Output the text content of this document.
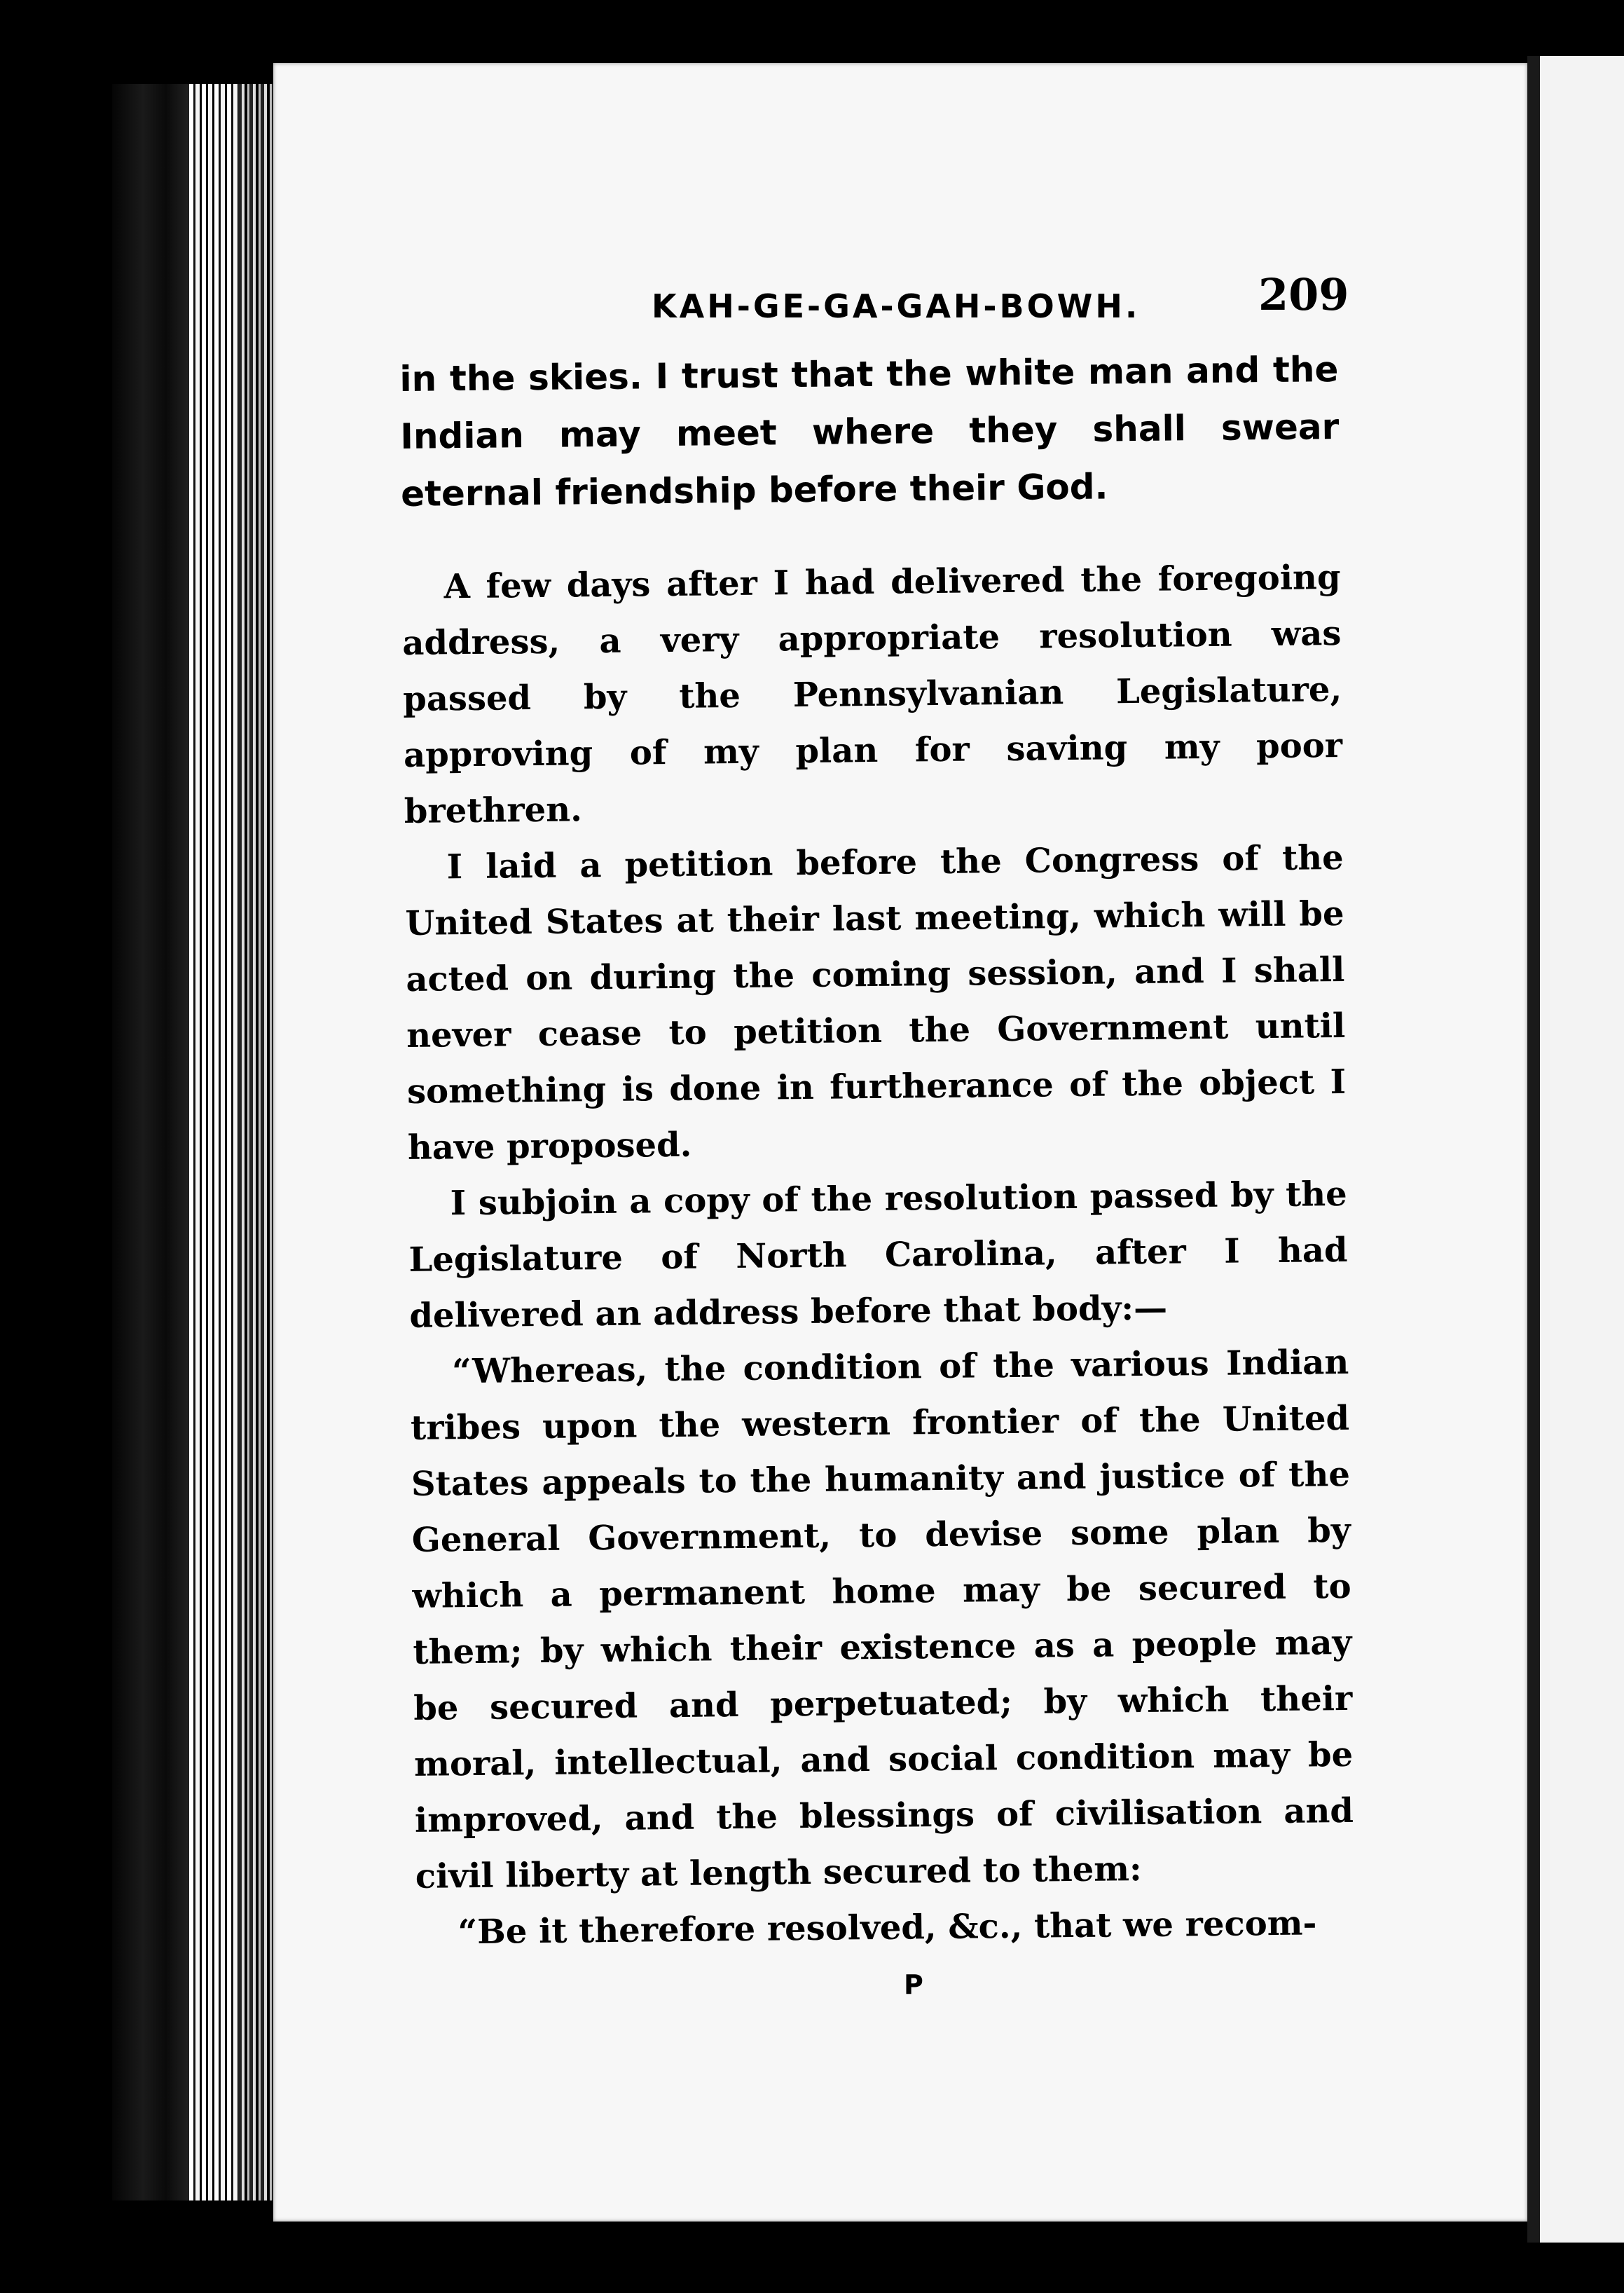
KAH-GE-GA-GAH-BOWH.	209

in the skies. I trust that the white man and the Indian may meet where they shall swear eternal friendship before their God.

A few days after I had delivered the foregoing address, a very appropriate resolution was passed by the Pennsylvanian Legislature, approving of my plan for saving my poor brethren.

I laid a petition before the Congress of the United States at their last meeting, which will be acted on during the coming session, and I shall never cease to petition the Government until something is done in furtherance of the object I have proposed.

I subjoin a copy of the resolution passed by the Legislature of North Carolina, after I had delivered an address before that body:—

“Whereas, the condition of the various Indian tribes upon the western frontier of the United States appeals to the humanity and justice of the General Government, to devise some plan by which a permanent home may be secured to them; by which their existence as a people may be secured and perpetuated; by which their moral, intellectual, and social condition may be improved, and the blessings of civilisation and civil liberty at length secured to them:

“Be it therefore resolved, &c., that we recom-

P
